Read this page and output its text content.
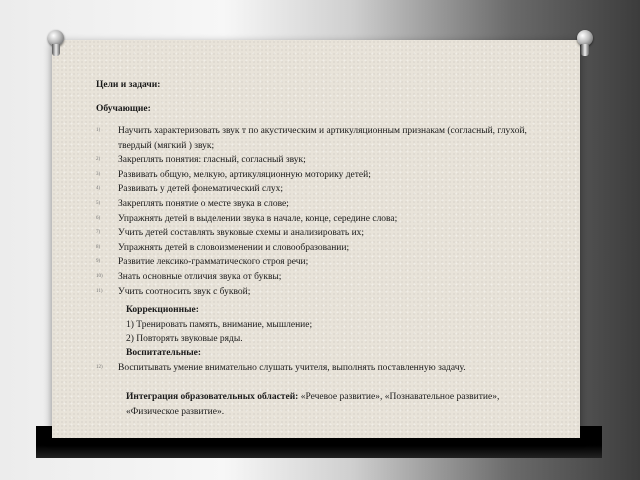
Цели и задачи:
Обучающие:
1) Научить характеризовать звук т по акустическим и артикуляционным признакам (согласный, глухой, твердый (мягкий ) звук;
2) Закреплять понятия: гласный, согласный звук;
3) Развивать общую, мелкую, артикуляционную моторику детей;
4) Развивать у детей фонематический слух;
5) Закреплять понятие о месте звука в слове;
6) Упражнять детей в выделении звука в начале, конце, середине слова;
7) Учить детей составлять звуковые схемы и анализировать их;
8) Упражнять детей в словоизменении и словообразовании;
9) Развитие лексико-грамматического строя речи;
10) Знать основные отличия звука от буквы;
11) Учить соотносить звук с буквой;
Коррекционные:
1) Тренировать память, внимание, мышление;
2) Повторять звуковые ряды.
Воспитательные:
12) Воспитывать умение внимательно слушать учителя, выполнять поставленную задачу.
Интеграция образовательных областей: «Речевое развитие», «Познавательное развитие», «Физическое развитие».
